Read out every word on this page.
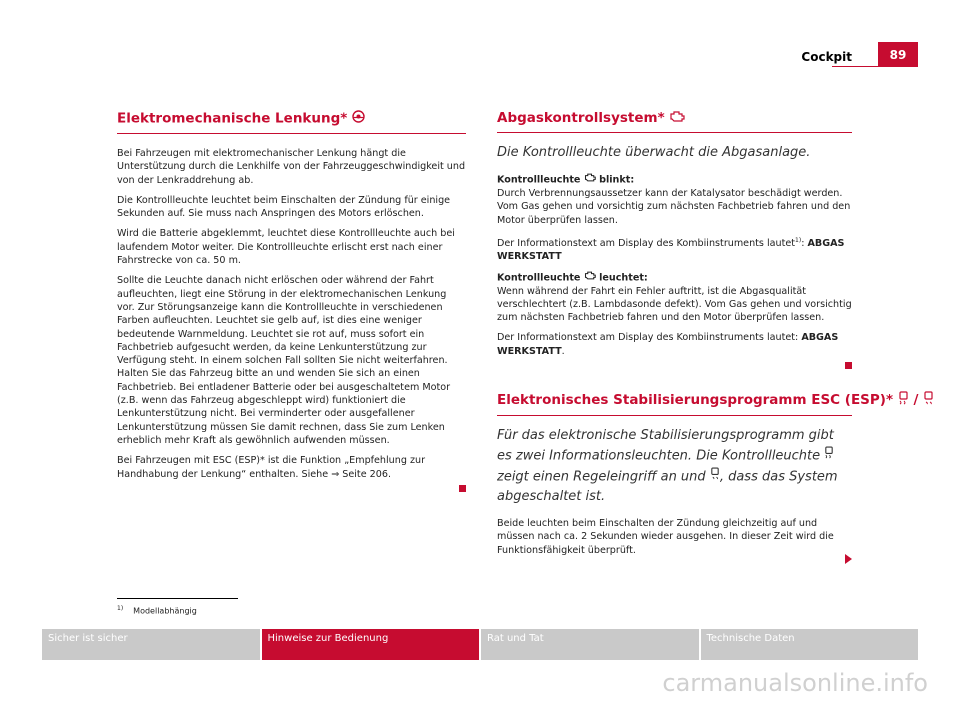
Cockpit	89
Elektromechanische Lenkung*

Bei Fahrzeugen mit elektromechanischer Lenkung hängt die Unterstützung durch die Lenkhilfe von der Fahrzeuggeschwindigkeit und von der Lenkraddrehung ab.

Die Kontrollleuchte leuchtet beim Einschalten der Zündung für einige Sekunden auf. Sie muss nach Anspringen des Motors erlöschen.

Wird die Batterie abgeklemmt, leuchtet diese Kontrollleuchte auch bei laufendem Motor weiter. Die Kontrollleuchte erlischt erst nach einer Fahrstrecke von ca. 50 m.

Sollte die Leuchte danach nicht erlöschen oder während der Fahrt aufleuchten, liegt eine Störung in der elektromechanischen Lenkung vor. Zur Störungsanzeige kann die Kontrollleuchte in verschiedenen Farben aufleuchten. Leuchtet sie gelb auf, ist dies eine weniger bedeutende Warnmeldung. Leuchtet sie rot auf, muss sofort ein Fachbetrieb aufgesucht werden, da keine Lenkunterstützung zur Verfügung steht. In einem solchen Fall sollten Sie nicht weiterfahren. Halten Sie das Fahrzeug bitte an und wenden Sie sich an einen Fachbetrieb. Bei entladener Batterie oder bei ausgeschaltetem Motor (z.B. wenn das Fahrzeug abgeschleppt wird) funktioniert die Lenkunterstützung nicht. Bei verminderter oder ausgefallener Lenkunterstützung müssen Sie damit rechnen, dass Sie zum Lenken erheblich mehr Kraft als gewöhnlich aufwenden müssen.

Bei Fahrzeugen mit ESC (ESP)* ist die Funktion „Empfehlung zur Handhabung der Lenkung“ enthalten. Siehe ⇒ Seite 206.

Abgaskontrollsystem*
Die Kontrollleuchte überwacht die Abgasanlage.

Kontrollleuchte blinkt:

Durch Verbrennungsaussetzer kann der Katalysator beschädigt werden. Vom Gas gehen und vorsichtig zum nächsten Fachbetrieb fahren und den Motor überprüfen lassen.

Der Informationstext am Display des Kombiinstruments lautet$^{1)}$: ABGAS WERKSTATT

Kontrollleuchte leuchtet:

Wenn während der Fahrt ein Fehler auftritt, ist die Abgasqualität verschlechtert (z.B. Lambdasonde defekt). Vom Gas gehen und vorsichtig zum nächsten Fachbetrieb fahren und den Motor überprüfen lassen.

Der Informationstext am Display des Kombiinstruments lautet: ABGAS WERKSTATT.

Elektronisches Stabilisierungsprogramm ESC (ESP)* /
Für das elektronische Stabilisierungsprogramm gibt es zwei Informationsleuchten. Die Kontrollleuchte  zeigt einen Regeleingriff an und , dass das System abgeschaltet ist.

Beide leuchten beim Einschalten der Zündung gleichzeitig auf und müssen nach ca. 2 Sekunden wieder ausgehen. In dieser Zeit wird die Funktionsfähigkeit überprüft.

$^{1)}$ Modellabhängig
Sicher ist sicher	Hinweise zur Bedienung	Rat und Tat	Technische Daten
carmanualsonline.info
